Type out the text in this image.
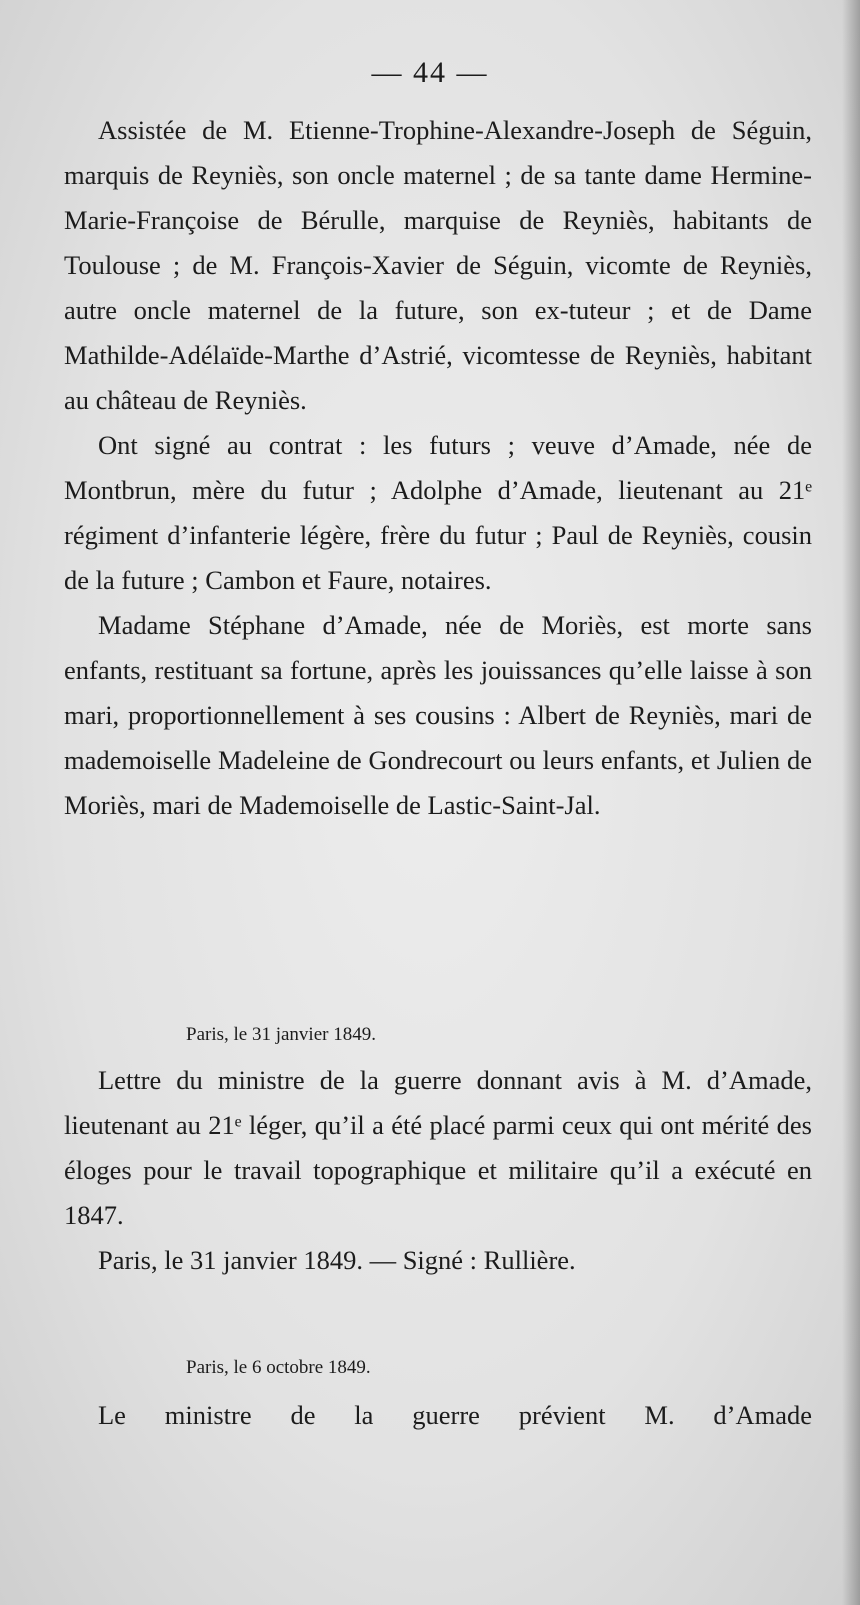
— 44 —

Assistée de M. Etienne-Trophine-Alexandre-Joseph de Séguin, marquis de Reyniès, son oncle maternel ; de sa tante dame Hermine-Marie-Françoise de Bérulle, marquise de Reyniès, habitants de Toulouse ; de M. François-Xavier de Séguin, vicomte de Reyniès, autre oncle maternel de la future, son ex-tuteur ; et de Dame Mathilde-Adélaïde-Marthe d’Astrié, vicomtesse de Reyniès, habitant au château de Reyniès.

Ont signé au contrat : les futurs ; veuve d’Amade, née de Montbrun, mère du futur ; Adolphe d’Amade, lieutenant au 21ᵉ régiment d’infanterie légère, frère du futur ; Paul de Reyniès, cousin de la future ; Cambon et Faure, notaires.

Madame Stéphane d’Amade, née de Moriès, est morte sans enfants, restituant sa fortune, après les jouissances qu’elle laisse à son mari, proportionnellement à ses cousins : Albert de Reyniès, mari de mademoiselle Madeleine de Gondrecourt ou leurs enfants, et Julien de Moriès, mari de Mademoiselle de Lastic-Saint-Jal.

Paris, le 31 janvier 1849.

Lettre du ministre de la guerre donnant avis à M. d’Amade, lieutenant au 21ᵉ léger, qu’il a été placé parmi ceux qui ont mérité des éloges pour le travail topographique et militaire qu’il a exécuté en 1847.

Paris, le 31 janvier 1849. — Signé : Rullière.

Paris, le 6 octobre 1849.

Le ministre de la guerre prévient M. d’Amade
